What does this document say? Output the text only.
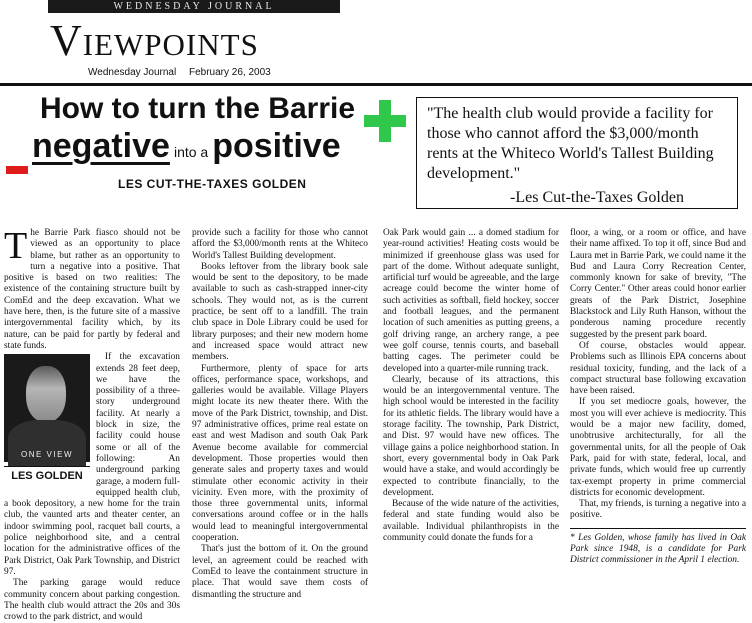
WEDNESDAY JOURNAL
Viewpoints
Wednesday Journal February 26, 2003
How to turn the Barrie
negative into a positive
LES CUT-THE-TAXES GOLDEN
"The health club would provide a facility for those who cannot afford the $3,000/month rents at the Whiteco World's Tallest Building development."
-Les Cut-the-Taxes Golden

The Barrie Park fiasco should not be viewed as an opportunity to place blame, but rather as an opportunity to turn a negative into a positive. That positive is based on two realities: The existence of the containing structure built by ComEd and the deep excavation. What we have here, then, is the future site of a massive intergovernmental facility which, by its nature, can be paid for partly by federal and state funds.

ONE VIEW
LES GOLDEN

If the excavation extends 28 feet deep, we have the possibility of a three-story underground facility. At nearly a block in size, the facility could house some or all of the following: An underground parking garage, a modern full-equipped health club, a book depository, a new home for the train club, the vaunted arts and theater center, an indoor swimming pool, racquet ball courts, a police neighborhood site, and a central location for the administrative offices of the Park District, Oak Park Township, and District 97.

The parking garage would reduce community concern about parking congestion. The health club would attract the 20s and 30s crowd to the park district, and would

provide such a facility for those who cannot afford the $3,000/month rents at the Whiteco World's Tallest Building development.

Books leftover from the library book sale would be sent to the depository, to be made available to such as cash-strapped inner-city schools. They would not, as is the current practice, be sent off to a landfill. The train club space in Dole Library could be used for library purposes; and their new modern home and increased space would attract new members.

Furthermore, plenty of space for arts offices, performance space, workshops, and galleries would be available. Village Players might locate its new theater there. With the move of the Park District, township, and Dist. 97 administrative offices, prime real estate on east and west Madison and south Oak Park Avenue become available for commercial development. Those properties would then generate sales and property taxes and would stimulate other economic activity in their vicinity. Even more, with the proximity of those three governmental units, informal conversations around coffee or in the halls would lead to meaningful intergovernmental cooperation.

That's just the bottom of it. On the ground level, an agreement could be reached with ComEd to leave the containment structure in place. That would save them costs of dismantling the structure and

Oak Park would gain ... a domed stadium for year-round activities! Heating costs would be minimized if greenhouse glass was used for part of the dome. Without adequate sunlight, artificial turf would be agreeable, and the large acreage could become the winter home of such activities as softball, field hockey, soccer and football leagues, and the permanent location of such amenities as putting greens, a golf driving range, an archery range, a pee wee golf course, tennis courts, and baseball batting cages. The perimeter could be developed into a quarter-mile running track.

Clearly, because of its attractions, this would be an intergovernmental venture. The high school would be interested in the facility for its athletic fields. The library would have a storage facility. The township, Park District, and Dist. 97 would have new offices. The village gains a police neighborhood station. In short, every governmental body in Oak Park would have a stake, and would accordingly be expected to contribute financially, to the development.

Because of the wide nature of the activities, federal and state funding would also be available. Individual philanthropists in the community could donate the funds for a

floor, a wing, or a room or office, and have their name affixed. To top it off, since Bud and Laura met in Barrie Park, we could name it the Bud and Laura Corry Recreation Center, commonly known for sake of brevity, "The Corry Center." Other areas could honor earlier greats of the Park District, Josephine Blackstock and Lily Ruth Hanson, without the ponderous naming procedure recently suggested by the present park board.

Of course, obstacles would appear. Problems such as Illinois EPA concerns about residual toxicity, funding, and the lack of a compact structural base following excavation have been raised.

If you set mediocre goals, however, the most you will ever achieve is mediocrity. This would be a major new facility, domed, unobtrusive architecturally, for all the governmental units, for all the people of Oak Park, paid for with state, federal, local, and private funds, which would free up currently tax-exempt property in prime commercial districts for economic development.

That, my friends, is turning a negative into a positive.

* Les Golden, whose family has lived in Oak Park since 1948, is a candidate for Park District commissioner in the April 1 election.
